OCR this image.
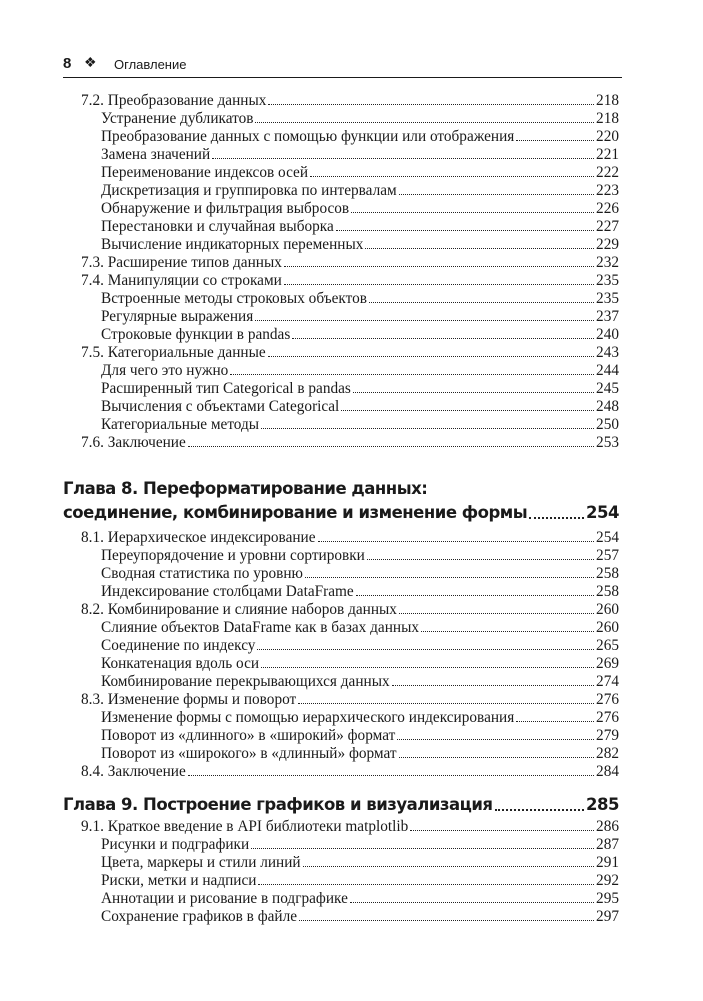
8 ❖ Оглавление
7.2. Преобразование данных	218
Устранение дубликатов	218
Преобразование данных с помощью функции или отображения	220
Замена значений	221
Переименование индексов осей	222
Дискретизация и группировка по интервалам	223
Обнаружение и фильтрация выбросов	226
Перестановки и случайная выборка	227
Вычисление индикаторных переменных	229
7.3. Расширение типов данных	232
7.4. Манипуляции со строками	235
Встроенные методы строковых объектов	235
Регулярные выражения	237
Строковые функции в pandas	240
7.5. Категориальные данные	243
Для чего это нужно	244
Расширенный тип Categorical в pandas	245
Вычисления с объектами Categorical	248
Категориальные методы	250
7.6. Заключение	253
Глава 8. Переформатирование данных:
соединение, комбинирование и изменение формы	254
8.1. Иерархическое индексирование	254
Переупорядочение и уровни сортировки	257
Сводная статистика по уровню	258
Индексирование столбцами DataFrame	258
8.2. Комбинирование и слияние наборов данных	260
Слияние объектов DataFrame как в базах данных	260
Соединение по индексу	265
Конкатенация вдоль оси	269
Комбинирование перекрывающихся данных	274
8.3. Изменение формы и поворот	276
Изменение формы с помощью иерархического индексирования	276
Поворот из «длинного» в «широкий» формат	279
Поворот из «широкого» в «длинный» формат	282
8.4. Заключение	284
Глава 9. Построение графиков и визуализация	285
9.1. Краткое введение в API библиотеки matplotlib	286
Рисунки и подграфики	287
Цвета, маркеры и стили линий	291
Риски, метки и надписи	292
Аннотации и рисование в подграфике	295
Сохранение графиков в файле	297
